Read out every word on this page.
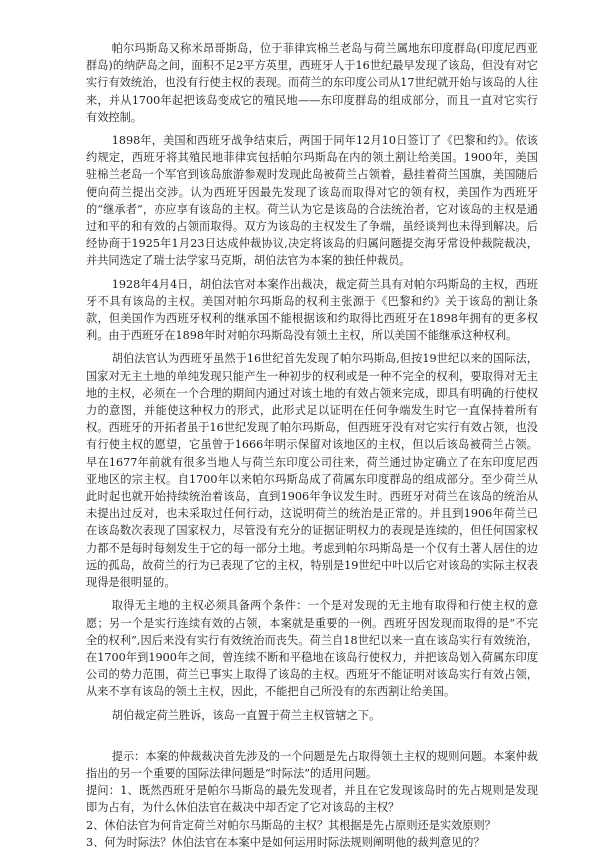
帕尔玛斯岛又称米昂哥斯岛，位于菲律宾棉兰老岛与荷兰属地东印度群岛(印度尼西亚群岛)的纳萨岛之间，面积不足2平方英里，西班牙人于16世纪最早发现了该岛，但没有对它实行有效统治，也没有行使主权的表现。而荷兰的东印度公司从17世纪就开始与该岛的人往来，并从1700年起把该岛变成它的殖民地——东印度群岛的组成部分，而且一直对它实行有效控制。

1898年，美国和西班牙战争结束后，两国于同年12月10日签订了《巴黎和约》。依该约规定，西班牙将其殖民地菲律宾包括帕尔玛斯岛在内的领土割让给美国。1900年，美国驻棉兰老岛一个军官到该岛旅游参观时发现此岛被荷兰占领着，悬挂着荷兰国旗，美国随后便向荷兰提出交涉。认为西班牙因最先发现了该岛而取得对它的领有权，美国作为西班牙的“继承者”，亦应享有该岛的主权。荷兰认为它是该岛的合法统治者，它对该岛的主权是通过和平的和有效的占领而取得。双方为该岛的主权发生了争端，虽经谈判也未得到解决。后经协商于1925年1月23日达成仲裁协议,决定将该岛的归属问题提交海牙常设仲裁院裁决，并共同选定了瑞士法学家马克斯，胡伯法官为本案的独任仲裁员。

1928年4月4日，胡伯法官对本案作出裁决，裁定荷兰具有对帕尔玛斯岛的主权，西班牙不具有该岛的主权。美国对帕尔玛斯岛的权利主张源于《巴黎和约》关于该岛的割让条款，但美国作为西班牙权利的继承国不能根据该和约取得比西班牙在1898年拥有的更多权利。由于西班牙在1898年时对帕尔玛斯岛没有领土主权，所以美国不能继承这种权利。

胡伯法官认为西班牙虽然于16世纪首先发现了帕尔玛斯岛,但按19世纪以来的国际法，国家对无主土地的单纯发现只能产生一种初步的权利或是一种不完全的权利，要取得对无主地的主权，必须在一个合理的期间内通过对该土地的有效占领来完成，即具有明确的行使权力的意图，并能使这种权力的形式，此形式足以证明在任何争端发生时它一直保持着所有权。西班牙的开拓者虽于16世纪发现了帕尔玛斯岛，但西班牙没有对它实行有效占领，也没有行使主权的愿望，它虽曾于1666年明示保留对该地区的主权，但以后该岛被荷兰占领。早在1677年前就有很多当地人与荷兰东印度公司往来，荷兰通过协定确立了在东印度尼西亚地区的宗主权。自1700年以来帕尔玛斯岛成了荷属东印度群岛的组成部分。至少荷兰从此时起也就开始持续统治着该岛，直到1906年争议发生时。西班牙对荷兰在该岛的统治从未提出过反对，也未采取过任何行动，这说明荷兰的统治是正常的。并且到1906年荷兰已在该岛数次表现了国家权力，尽管没有充分的证据证明权力的表现是连续的，但任何国家权力都不是每时每刻发生于它的每一部分土地。考虑到帕尔玛斯岛是一个仅有土著人居住的边远的孤岛，故荷兰的行为已表现了它的主权，特别是19世纪中叶以后它对该岛的实际主权表现得是很明显的。

取得无主地的主权必须具备两个条件：一个是对发现的无主地有取得和行使主权的意愿；另一个是实行连续有效的占领，本案就是重要的一例。西班牙因发现而取得的是“不完全的权利”,因后来没有实行有效统治而丧失。荷兰自18世纪以来一直在该岛实行有效统治，在1700年到1900年之间，曾连续不断和平稳地在该岛行使权力，并把该岛划入荷属东印度公司的势力范围，荷兰已事实上取得了该岛的主权。西班牙不能证明对该岛实行有效占领，从来不享有该岛的领土主权，因此，不能把自己所没有的东西割让给美国。

胡伯裁定荷兰胜诉，该岛一直置于荷兰主权管辖之下。

提示：本案的仲裁裁决首先涉及的一个问题是先占取得领土主权的规则问题。本案仲裁指出的另一个重要的国际法律问题是“时际法”的适用问题。

提问：1、既然西班牙是帕尔马斯岛的最先发现者，并且在它发现该岛时的先占规则是发现即为占有，为什么休伯法官在裁决中却否定了它对该岛的主权？

2、休伯法官为何肯定荷兰对帕尔马斯岛的主权？其根据是先占原则还是实效原则？

3、何为时际法？休伯法官在本案中是如何运用时际法规则阐明他的裁判意见的？
